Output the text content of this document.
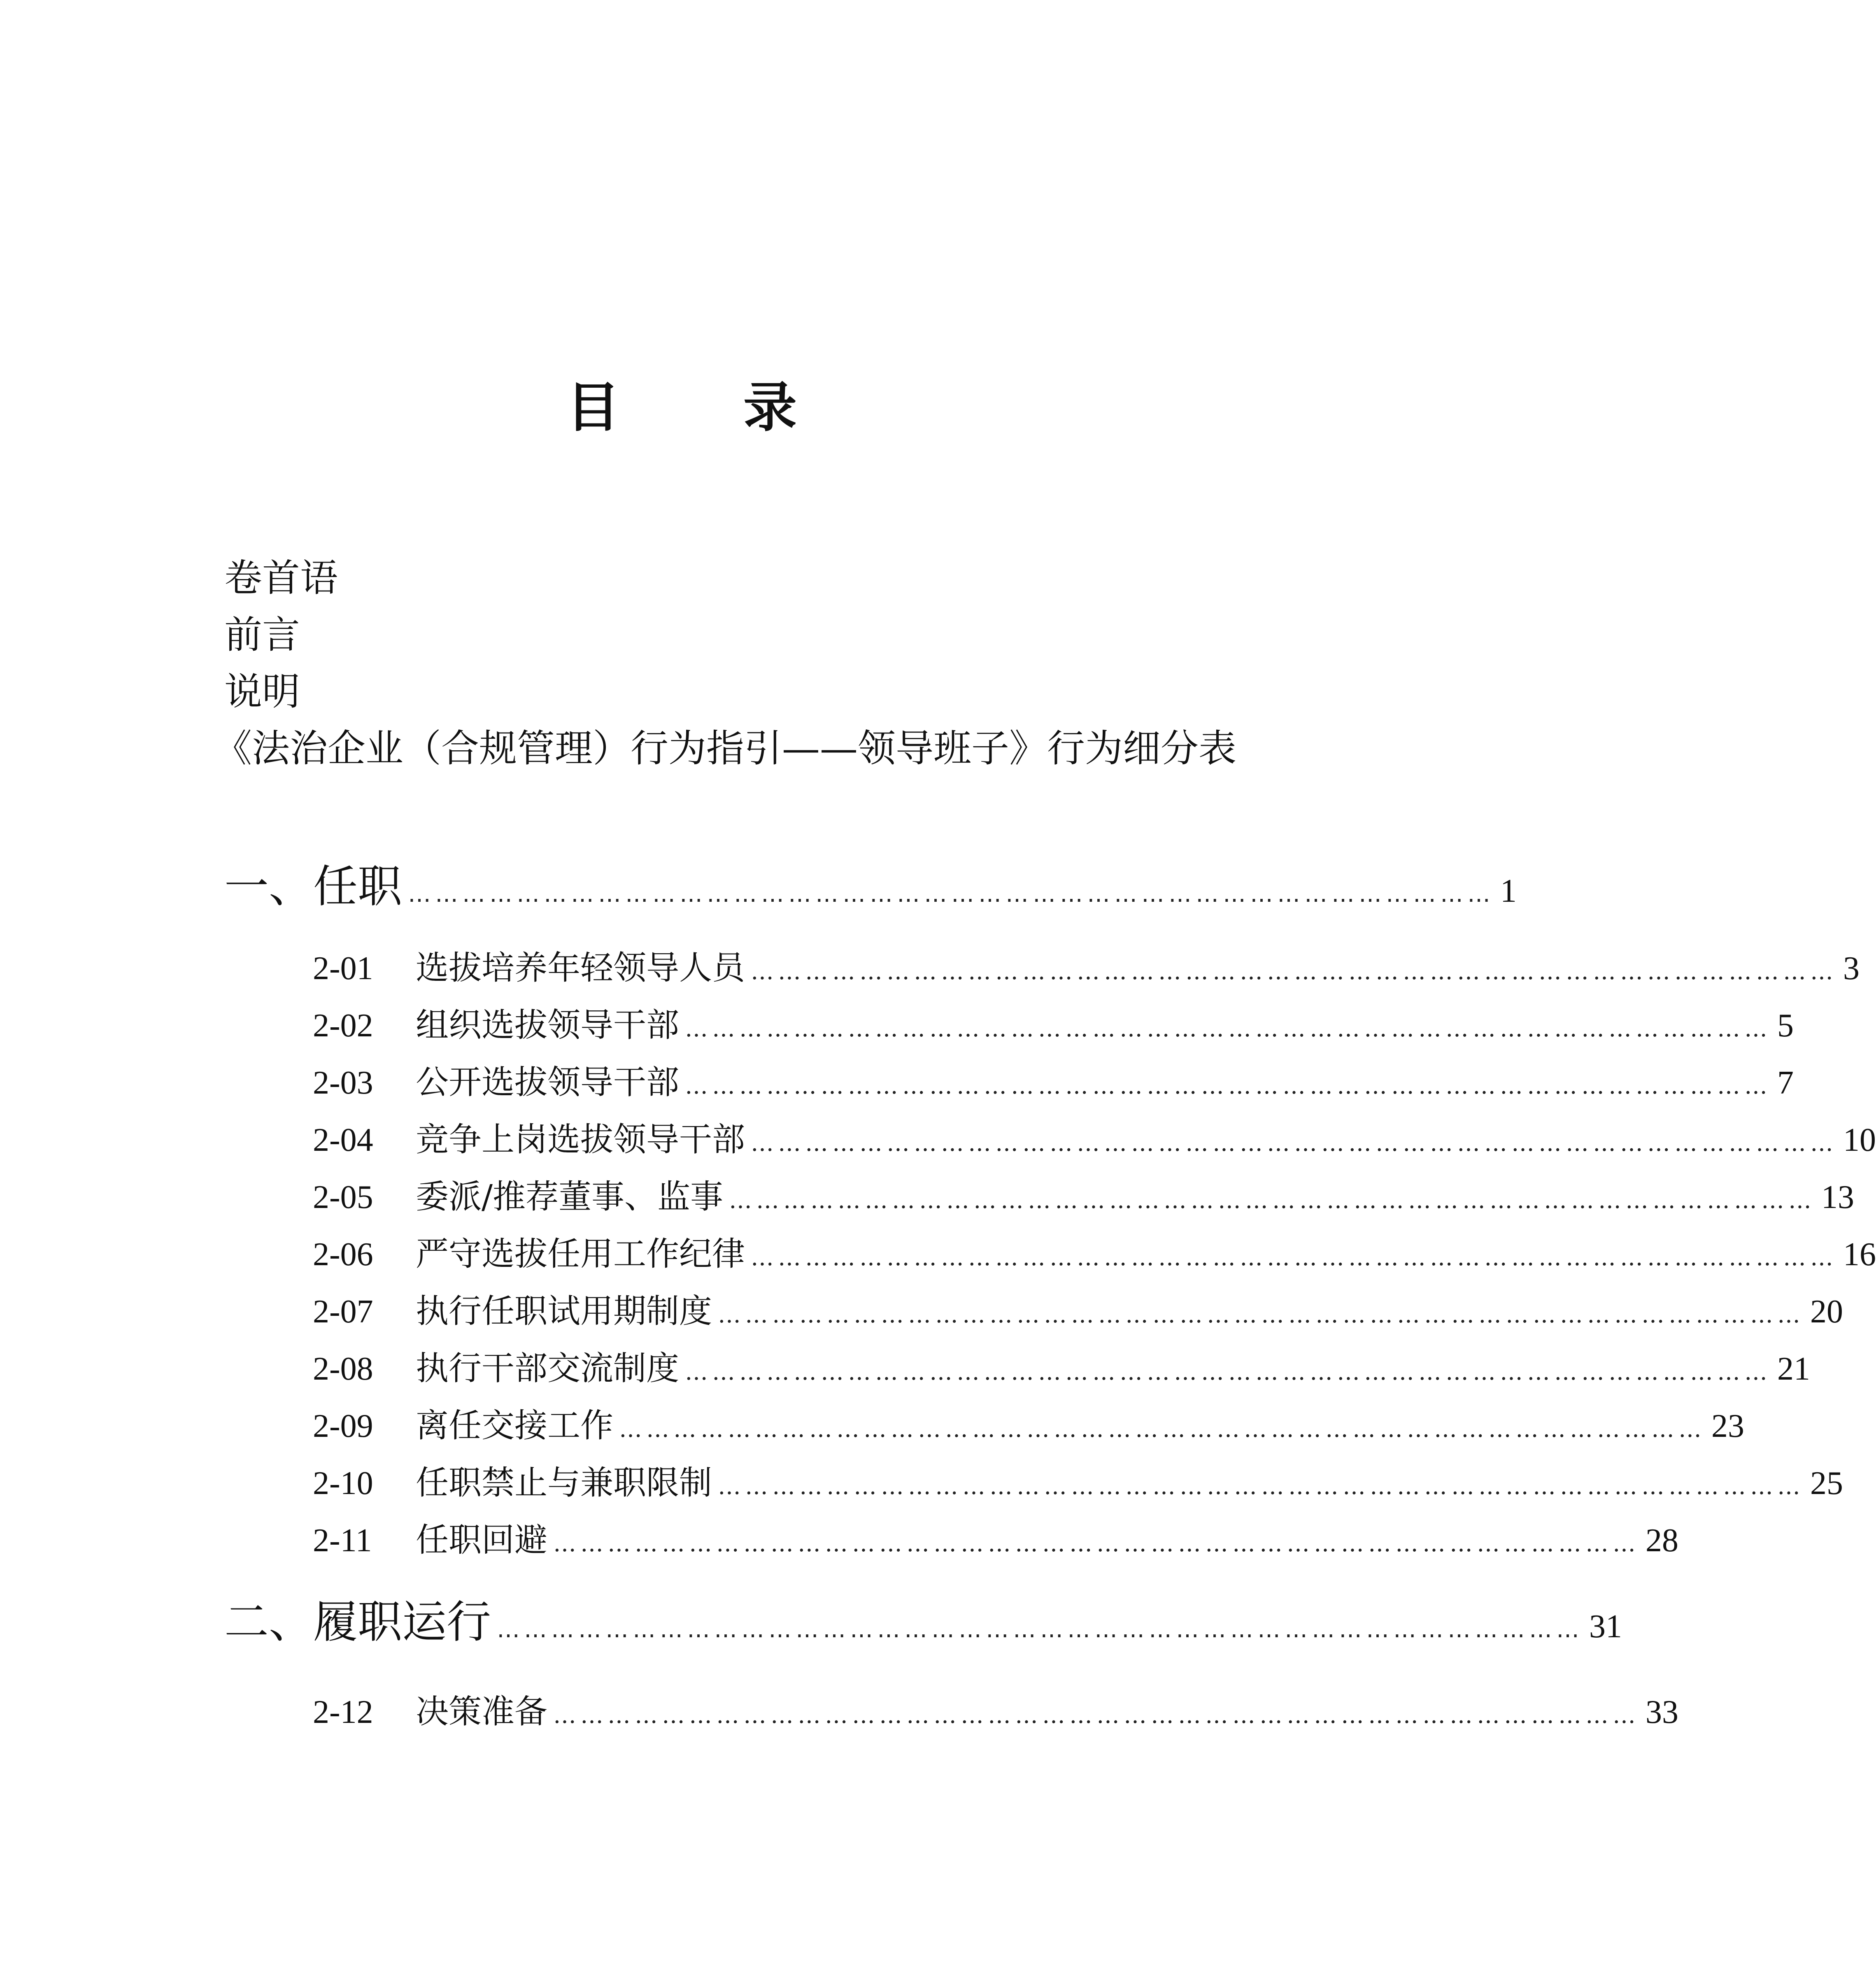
目 录
卷首语
前言
说明
《法治企业（合规管理）行为指引——领导班子》行为细分表
一、任职 ………………………………………………………………………………………………………… 1
2-01	选拔培养年轻领导人员 ………………………………………………………………………………………………………… 3
2-02	组织选拔领导干部 ………………………………………………………………………………………………………… 5
2-03	公开选拔领导干部 ………………………………………………………………………………………………………… 7
2-04	竞争上岗选拔领导干部 ………………………………………………………………………………………………………… 10
2-05	委派/推荐董事、监事 ………………………………………………………………………………………………………… 13
2-06	严守选拔任用工作纪律 ………………………………………………………………………………………………………… 16
2-07	执行任职试用期制度 ………………………………………………………………………………………………………… 20
2-08	执行干部交流制度 ………………………………………………………………………………………………………… 21
2-09	离任交接工作 ………………………………………………………………………………………………………… 23
2-10	任职禁止与兼职限制 ………………………………………………………………………………………………………… 25
2-11	任职回避 ………………………………………………………………………………………………………… 28
二、履职运行 ………………………………………………………………………………………………………… 31
2-12	决策准备 ………………………………………………………………………………………………………… 33
